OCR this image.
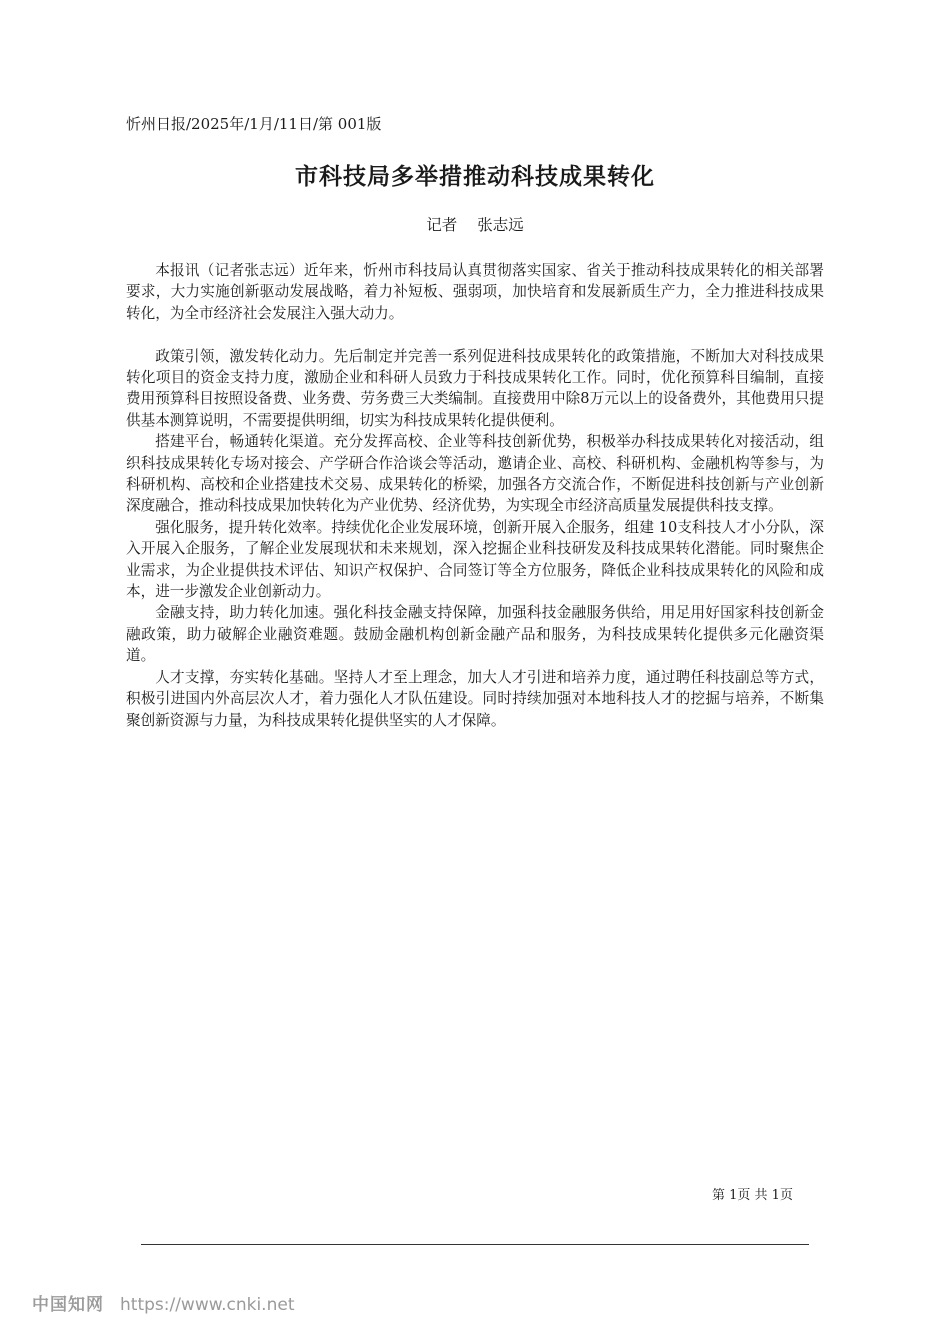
忻州日报/2025年/1月/11日/第 001版
市科技局多举措推动科技成果转化
记者 张志远

本报讯（记者张志远）近年来，忻州市科技局认真贯彻落实国家、省关于推动科技成果转化的相关部署要求，大力实施创新驱动发展战略，着力补短板、强弱项，加快培育和发展新质生产力，全力推进科技成果转化，为全市经济社会发展注入强大动力。

政策引领，激发转化动力。先后制定并完善一系列促进科技成果转化的政策措施，不断加大对科技成果转化项目的资金支持力度，激励企业和科研人员致力于科技成果转化工作。同时，优化预算科目编制，直接费用预算科目按照设备费、业务费、劳务费三大类编制。直接费用中除8万元以上的设备费外，其他费用只提供基本测算说明，不需要提供明细，切实为科技成果转化提供便利。

搭建平台，畅通转化渠道。充分发挥高校、企业等科技创新优势，积极举办科技成果转化对接活动，组织科技成果转化专场对接会、产学研合作洽谈会等活动，邀请企业、高校、科研机构、金融机构等参与，为科研机构、高校和企业搭建技术交易、成果转化的桥梁，加强各方交流合作，不断促进科技创新与产业创新深度融合，推动科技成果加快转化为产业优势、经济优势，为实现全市经济高质量发展提供科技支撑。

强化服务，提升转化效率。持续优化企业发展环境，创新开展入企服务，组建 10支科技人才小分队，深入开展入企服务，了解企业发展现状和未来规划，深入挖掘企业科技研发及科技成果转化潜能。同时聚焦企业需求，为企业提供技术评估、知识产权保护、合同签订等全方位服务，降低企业科技成果转化的风险和成本，进一步激发企业创新动力。

金融支持，助力转化加速。强化科技金融支持保障，加强科技金融服务供给，用足用好国家科技创新金融政策，助力破解企业融资难题。鼓励金融机构创新金融产品和服务，为科技成果转化提供多元化融资渠道。

人才支撑，夯实转化基础。坚持人才至上理念，加大人才引进和培养力度，通过聘任科技副总等方式，积极引进国内外高层次人才，着力强化人才队伍建设。同时持续加强对本地科技人才的挖掘与培养，不断集聚创新资源与力量，为科技成果转化提供坚实的人才保障。

第 1页 共 1页
中国知网 https://www.cnki.net
